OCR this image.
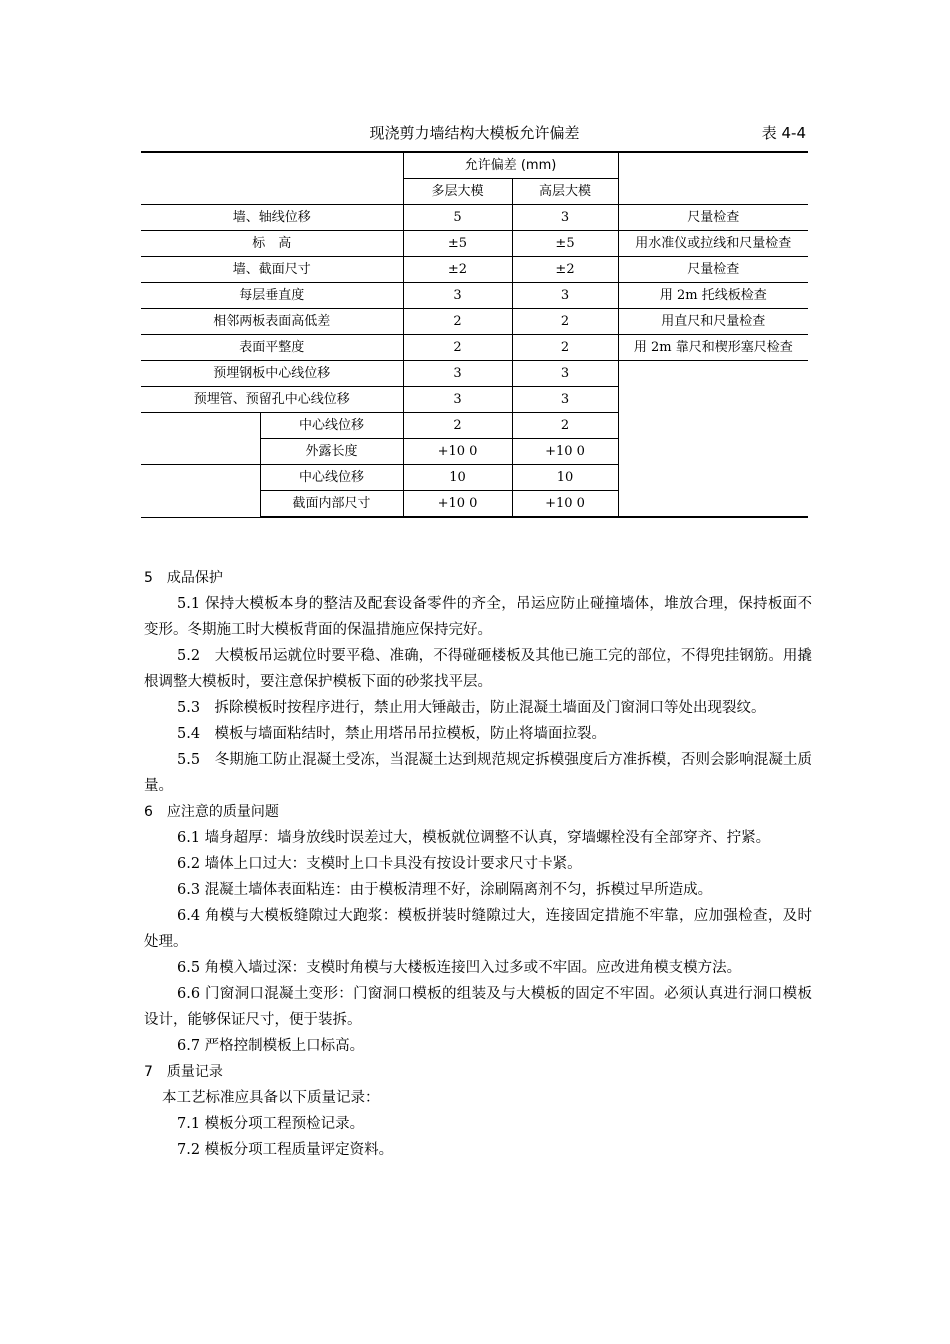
现浇剪力墙结构大模板允许偏差	表 4-4
		允许偏差 (mm)		
		多层大模	高层大模	
墙、轴线位移		5	3	尺量检查
标　高		±5	±5	用水准仪或拉线和尺量检查
墙、截面尺寸		±2	±2	尺量检查
每层垂直度		3	3	用 2m 托线板检查
相邻两板表面高低差		2	2	用直尺和尺量检查
表面平整度		2	2	用 2m 靠尺和楔形塞尺检查
预埋钢板中心线位移		3	3	
预埋管、预留孔中心线位移		3	3	
	中心线位移	2	2	
	外露长度	+10 0	+10 0	
	中心线位移	10	10	
	截面内部尺寸	+10 0	+10 0	

5　成品保护

5.1 保持大模板本身的整洁及配套设备零件的齐全，吊运应防止碰撞墙体，堆放合理，保持板面不变形。冬期施工时大模板背面的保温措施应保持完好。

5.2　大模板吊运就位时要平稳、准确，不得碰砸楼板及其他已施工完的部位，不得兜挂钢筋。用撬根调整大模板时，要注意保护模板下面的砂浆找平层。

5.3　拆除模板时按程序进行，禁止用大锤敲击，防止混凝土墙面及门窗洞口等处出现裂纹。

5.4　模板与墙面粘结时，禁止用塔吊吊拉模板，防止将墙面拉裂。

5.5　冬期施工防止混凝土受冻，当混凝土达到规范规定拆模强度后方准拆模，否则会影响混凝土质量。

6　应注意的质量问题

6.1 墙身超厚：墙身放线时误差过大，模板就位调整不认真，穿墙螺栓没有全部穿齐、拧紧。

6.2 墙体上口过大：支模时上口卡具没有按设计要求尺寸卡紧。

6.3 混凝土墙体表面粘连：由于模板清理不好，涂刷隔离剂不匀，拆模过早所造成。

6.4 角模与大模板缝隙过大跑浆：模板拼装时缝隙过大，连接固定措施不牢靠，应加强检查，及时处理。

6.5 角模入墙过深：支模时角模与大楼板连接凹入过多或不牢固。应改进角模支模方法。

6.6 门窗洞口混凝土变形：门窗洞口模板的组装及与大模板的固定不牢固。必须认真进行洞口模板设计，能够保证尺寸，便于装拆。

6.7 严格控制模板上口标高。

7　质量记录

本工艺标准应具备以下质量记录：

7.1 模板分项工程预检记录。

7.2 模板分项工程质量评定资料。
